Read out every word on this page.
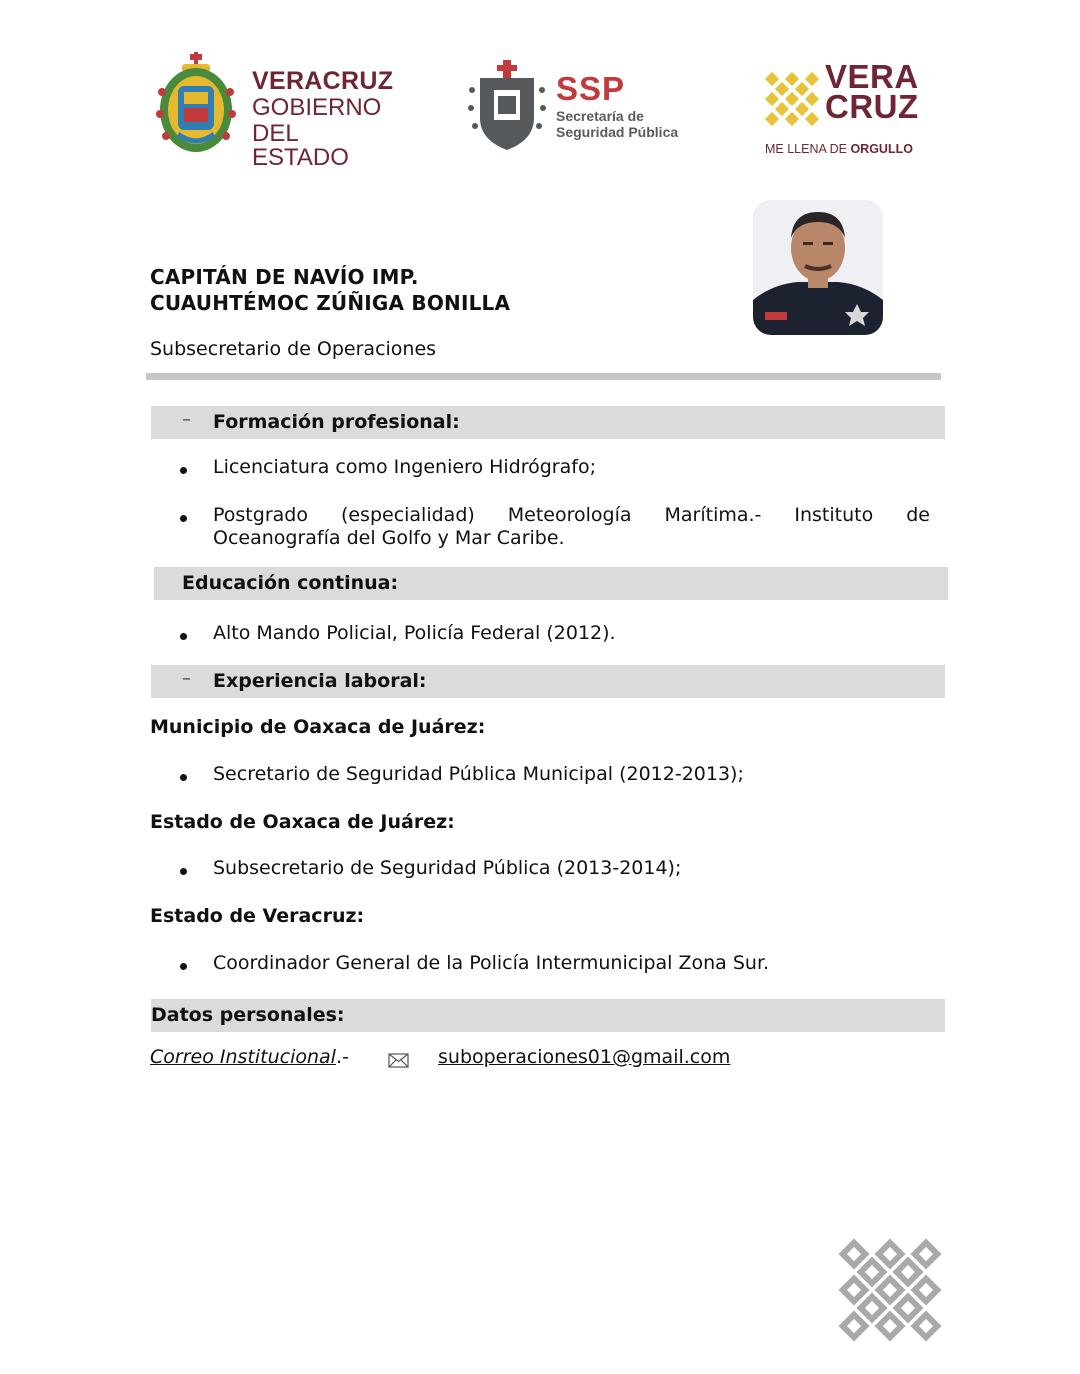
VERACRUZ
GOBIERNO
DEL ESTADO
SSP
Secretaría de
Seguridad Pública
VERA
CRUZ
ME LLENA DE ORGULLO
CAPITÁN DE NAVÍO IMP.
CUAUHTÉMOC ZÚÑIGA BONILLA
Subsecretario de Operaciones
– Formación profesional:
Licenciatura como Ingeniero Hidrógrafo;
Postgrado (especialidad) Meteorología Marítima.- Instituto de
Oceanografía del Golfo y Mar Caribe.
Educación continua:
Alto Mando Policial, Policía Federal (2012).
– Experiencia laboral:
Municipio de Oaxaca de Juárez:
Secretario de Seguridad Pública Municipal (2012-2013);
Estado de Oaxaca de Juárez:
Subsecretario de Seguridad Pública (2013-2014);
Estado de Veracruz:
Coordinador General de la Policía Intermunicipal Zona Sur.
Datos personales:
Correo Institucional.-	suboperaciones01@gmail.com
